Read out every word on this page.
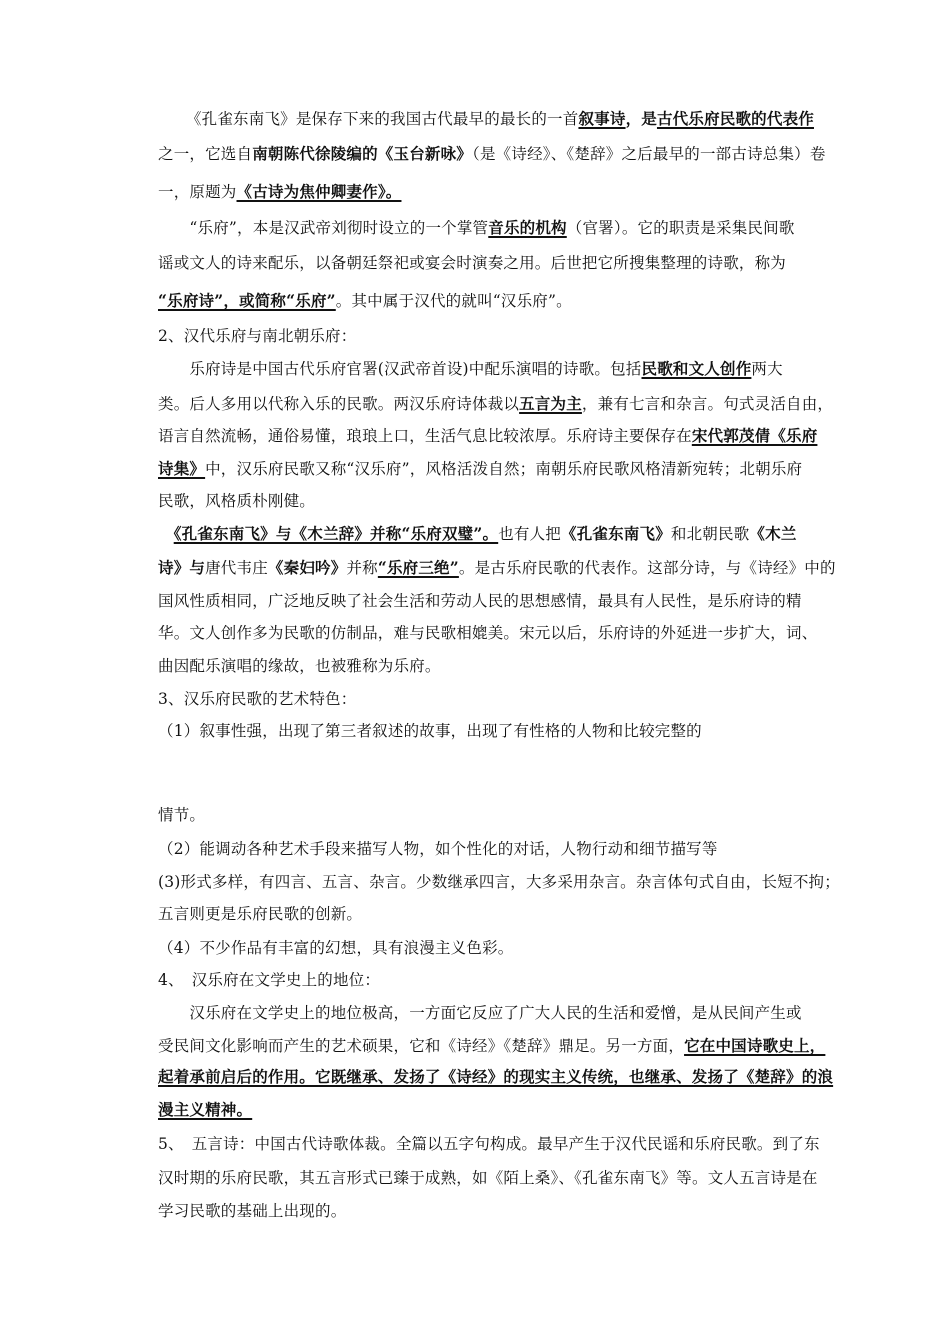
　《孔雀东南飞》是保存下来的我国古代最早的最长的一首叙事诗，是古代乐府民歌的代表作
之一，它选自南朝陈代徐陵编的《玉台新咏》（是《诗经》、《楚辞》之后最早的一部古诗总集）卷
一，原题为《古诗为焦仲卿妻作》。
　　“乐府”，本是汉武帝刘彻时设立的一个掌管音乐的机构（官署）。它的职责是采集民间歌
谣或文人的诗来配乐，以备朝廷祭祀或宴会时演奏之用。后世把它所搜集整理的诗歌，称为
“乐府诗”，或简称“乐府”。其中属于汉代的就叫“汉乐府”。
2、汉代乐府与南北朝乐府：
　　乐府诗是中国古代乐府官署(汉武帝首设)中配乐演唱的诗歌。包括民歌和文人创作两大
类。后人多用以代称入乐的民歌。两汉乐府诗体裁以五言为主，兼有七言和杂言。句式灵活自由，
语言自然流畅，通俗易懂，琅琅上口，生活气息比较浓厚。乐府诗主要保存在宋代郭茂倩《乐府
诗集》中，汉乐府民歌又称“汉乐府”，风格活泼自然；南朝乐府民歌风格清新宛转；北朝乐府
民歌，风格质朴刚健。
　《孔雀东南飞》与《木兰辞》并称“乐府双璧”。也有人把《孔雀东南飞》和北朝民歌《木兰
诗》与唐代韦庄《秦妇吟》并称“乐府三绝”。是古乐府民歌的代表作。这部分诗，与《诗经》中的
国风性质相同，广泛地反映了社会生活和劳动人民的思想感情，最具有人民性，是乐府诗的精
华。文人创作多为民歌的仿制品，难与民歌相媲美。宋元以后，乐府诗的外延进一步扩大，词、
曲因配乐演唱的缘故，也被雅称为乐府。
3、汉乐府民歌的艺术特色：
（1）叙事性强，出现了第三者叙述的故事，出现了有性格的人物和比较完整的
情节。
（2）能调动各种艺术手段来描写人物，如个性化的对话，人物行动和细节描写等
(3)形式多样，有四言、五言、杂言。少数继承四言，大多采用杂言。杂言体句式自由，长短不拘；
五言则更是乐府民歌的创新。
（4）不少作品有丰富的幻想，具有浪漫主义色彩。
4、　汉乐府在文学史上的地位：
　　汉乐府在文学史上的地位极高，一方面它反应了广大人民的生活和爱憎，是从民间产生或
受民间文化影响而产生的艺术硕果，它和《诗经》《楚辞》鼎足。另一方面，它在中国诗歌史上，
起着承前启后的作用。它既继承、发扬了《诗经》的现实主义传统，也继承、发扬了《楚辞》的浪
漫主义精神。
5、　五言诗：中国古代诗歌体裁。全篇以五字句构成。最早产生于汉代民谣和乐府民歌。到了东
汉时期的乐府民歌，其五言形式已臻于成熟，如《陌上桑》、《孔雀东南飞》等。文人五言诗是在
学习民歌的基础上出现的。
